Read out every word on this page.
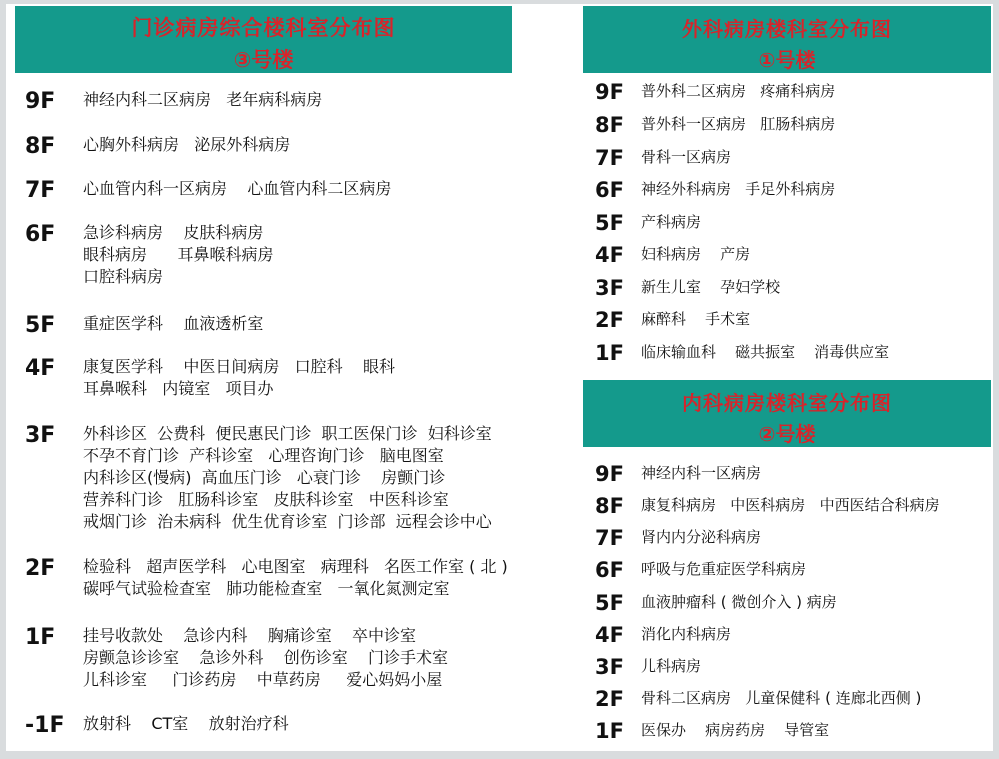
门诊病房综合楼科室分布图
③号楼
9F 神经内科二区病房   老年病科病房
8F 心胸外科病房   泌尿外科病房
7F 心血管内科一区病房    心血管内科二区病房
6F 急诊科病房    皮肤科病房
眼科病房      耳鼻喉科病房
口腔科病房
5F 重症医学科    血液透析室
4F 康复医学科    中医日间病房   口腔科    眼科
耳鼻喉科   内镜室   项目办
3F 外科诊区  公费科  便民惠民门诊  职工医保门诊  妇科诊室
不孕不育门诊  产科诊室   心理咨询门诊   脑电图室
内科诊区(慢病)  高血压门诊   心衰门诊    房颤门诊
营养科门诊   肛肠科诊室   皮肤科诊室   中医科诊室
戒烟门诊  治未病科  优生优育诊室  门诊部  远程会诊中心
2F 检验科   超声医学科   心电图室   病理科   名医工作室 ( 北 )
碳呼气试验检查室   肺功能检查室   一氧化氮测定室
1F 挂号收款处    急诊内科    胸痛诊室    卒中诊室
房颤急诊诊室    急诊外科    创伤诊室    门诊手术室
儿科诊室     门诊药房    中草药房     爱心妈妈小屋
-1F 放射科    CT室    放射治疗科
外科病房楼科室分布图
①号楼
9F 普外科二区病房   疼痛科病房
8F 普外科一区病房   肛肠科病房
7F 骨科一区病房
6F 神经外科病房   手足外科病房
5F 产科病房
4F 妇科病房    产房
3F 新生儿室    孕妇学校
2F 麻醉科    手术室
1F 临床输血科    磁共振室    消毒供应室
内科病房楼科室分布图
②号楼
9F 神经内科一区病房
8F 康复科病房   中医科病房   中西医结合科病房
7F 肾内内分泌科病房
6F 呼吸与危重症医学科病房
5F 血液肿瘤科 ( 微创介入 ) 病房
4F 消化内科病房
3F 儿科病房
2F 骨科二区病房   儿童保健科 ( 连廊北西侧 )
1F 医保办    病房药房    导管室
